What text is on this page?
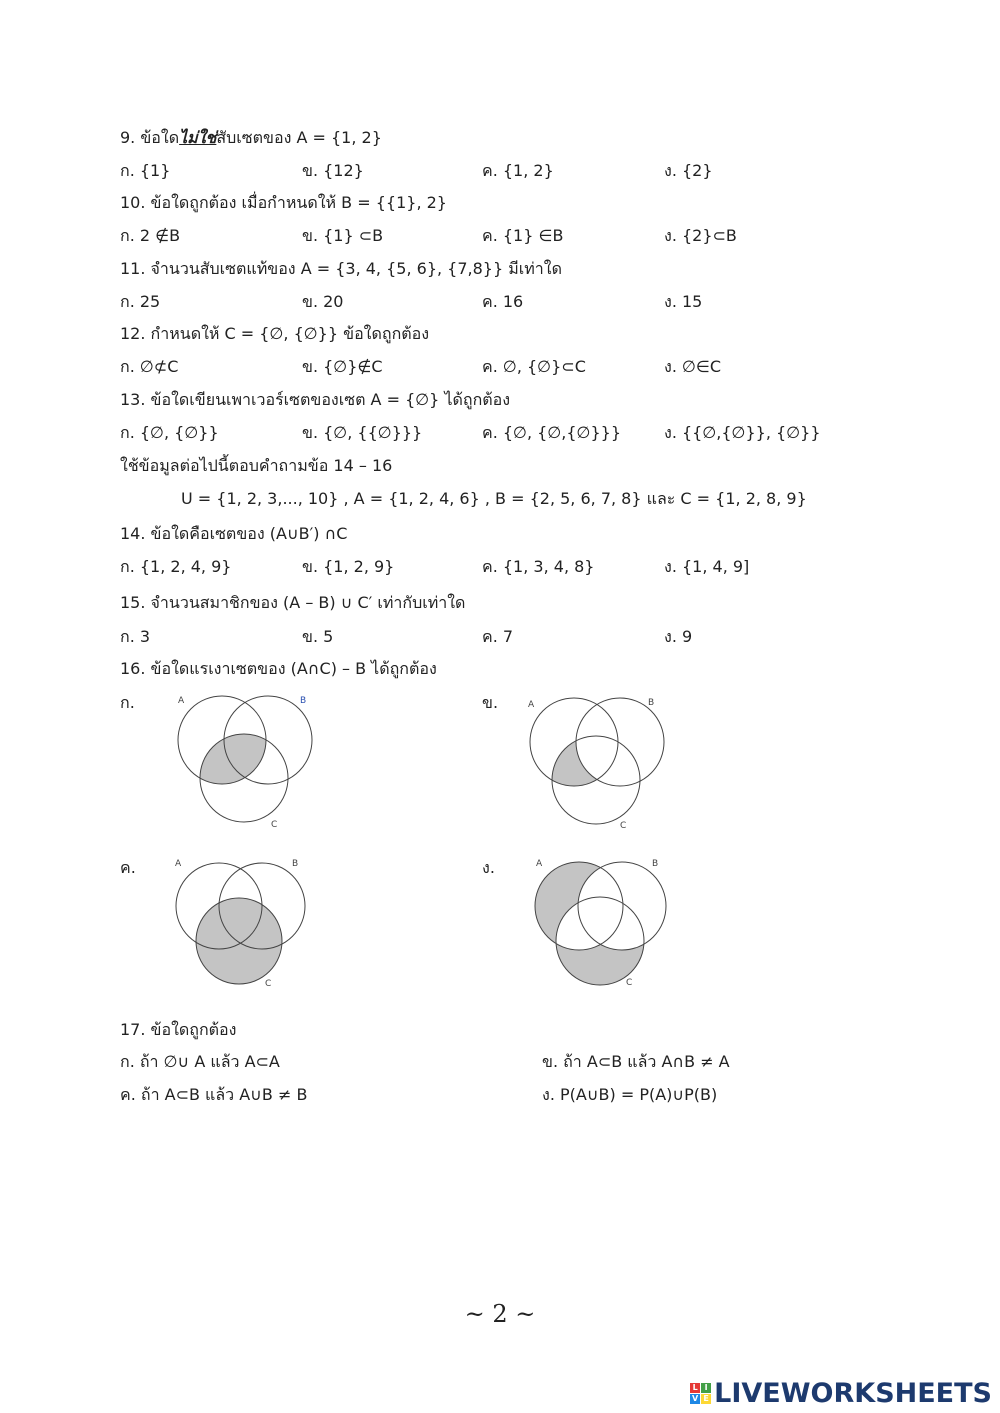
9. ข้อใดไม่ใช่สับเซตของ A = {1, 2}
ก. {1}	ข. {12}	ค. {1, 2}	ง. {2}
10. ข้อใดถูกต้อง เมื่อกำหนดให้ B = {{1}, 2}
ก. 2 ∉B	ข. {1} ⊂B	ค. {1} ∈B	ง. {2}⊂B
11. จำนวนสับเซตแท้ของ A = {3, 4, {5, 6}, {7,8}} มีเท่าใด
ก. 25	ข. 20	ค. 16	ง. 15
12. กำหนดให้ C = {∅, {∅}} ข้อใดถูกต้อง
ก. ∅⊄C	ข. {∅}∉C	ค. ∅, {∅}⊂C	ง. ∅∈C
13. ข้อใดเขียนเพาเวอร์เซตของเซต A = {∅} ได้ถูกต้อง
ก. {∅, {∅}}	ข. {∅, {{∅}}}	ค. {∅, {∅,{∅}}}	ง. {{∅,{∅}}, {∅}}
ใช้ข้อมูลต่อไปนี้ตอบคำถามข้อ 14 – 16
U = {1, 2, 3,..., 10} , A = {1, 2, 4, 6} , B = {2, 5, 6, 7, 8} และ C = {1, 2, 8, 9}
14. ข้อใดคือเซตของ (A∪B′) ∩C
ก. {1, 2, 4, 9}	ข. {1, 2, 9}	ค. {1, 3, 4, 8}	ง. {1, 4, 9]
15. จำนวนสมาชิกของ (A – B) ∪ C′ เท่ากับเท่าใด
ก. 3	ข. 5	ค. 7	ง. 9
16. ข้อใดแรเงาเซตของ (A∩C) – B ได้ถูกต้อง
ก.	ข.
ค.	ง.
A	B
C
A	B
C
A	B
C
A	B
C
17. ข้อใดถูกต้อง
ก. ถ้า ∅∪ A แล้ว A⊂A	ข. ถ้า A⊂B แล้ว A∩B ≠ A
ค. ถ้า A⊂B แล้ว A∪B ≠ B	ง. P(A∪B) = P(A)∪P(B)
~ 2 ~
L I
V E LIVEWORKSHEETS
